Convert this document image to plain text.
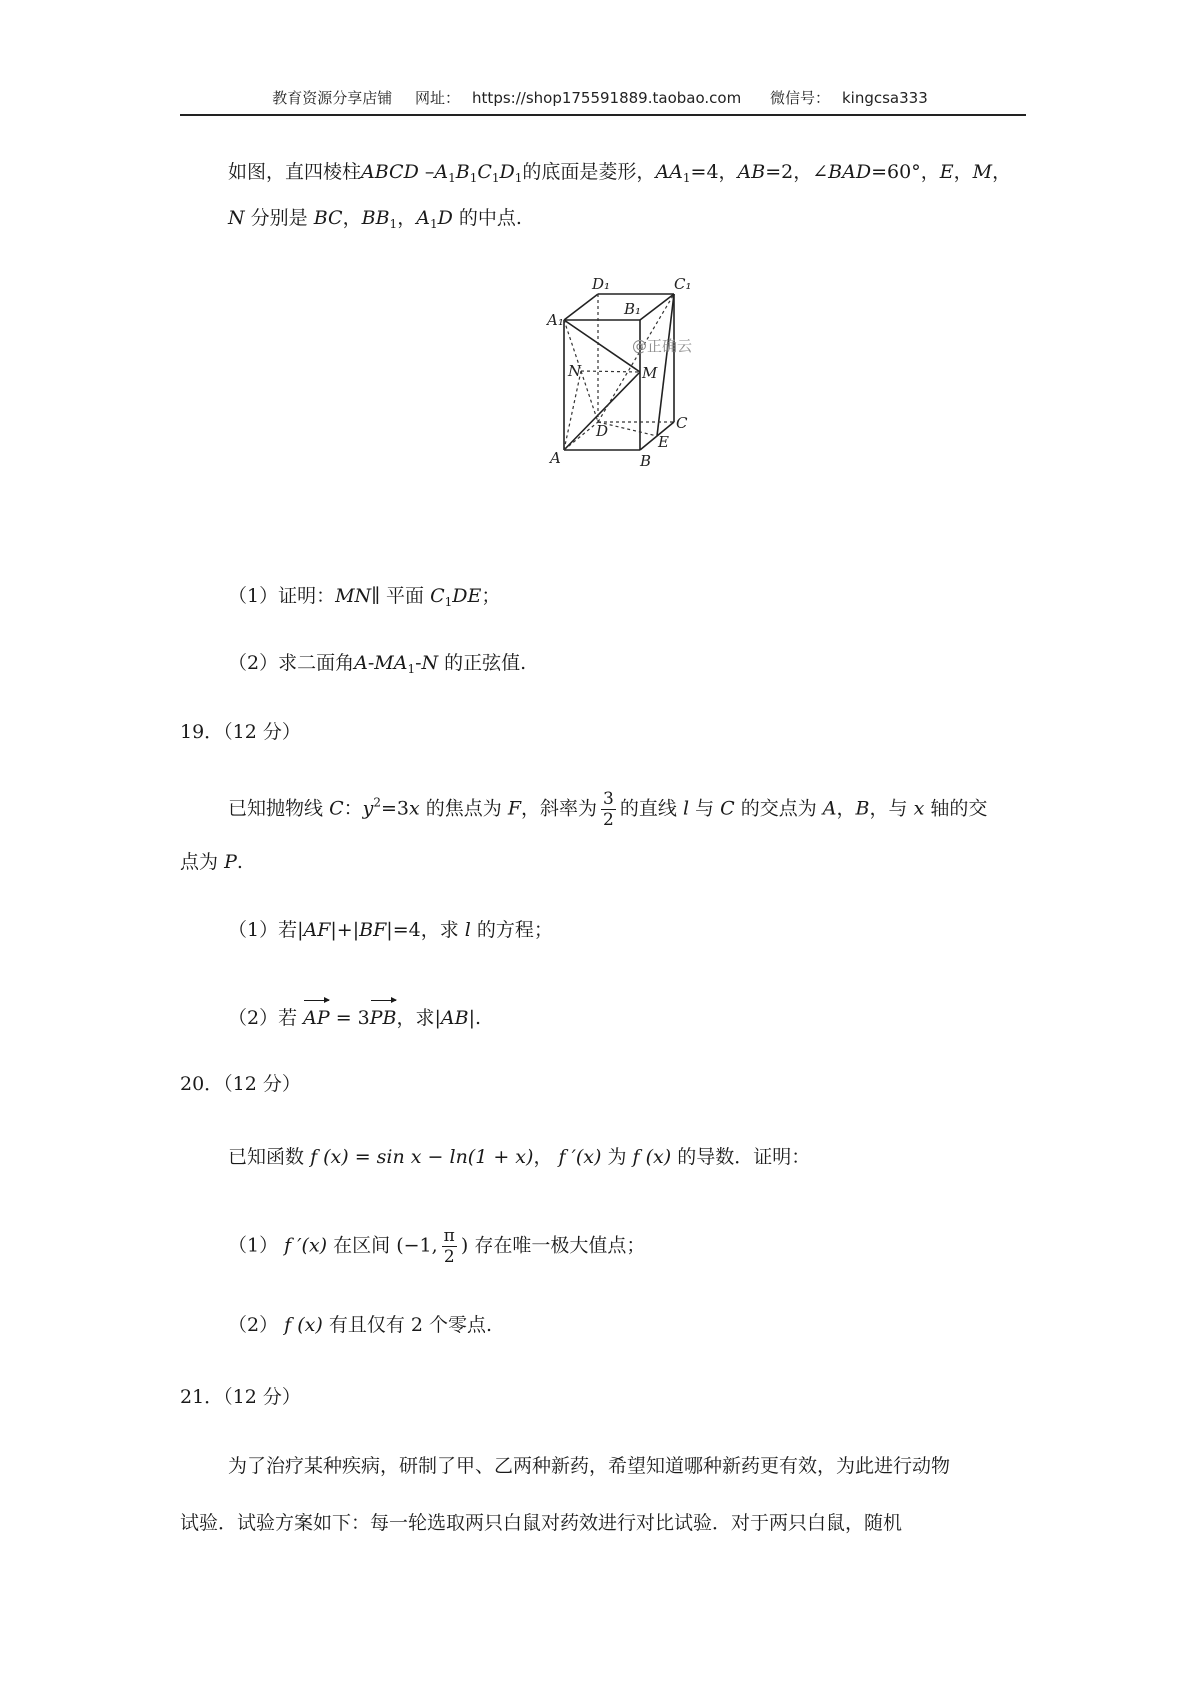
教育资源分享店铺 网址： https://shop175591889.taobao.com 微信号： kingcsa333
如图，直四棱柱ABCD $-A_1B_1C_1D_1$的底面是菱形，$AA_1=4$，AB=2，∠BAD=60°，E，M，
N 分别是 BC，$BB_1$，$A_1D$ 的中点.
A₁
D₁	C₁
B₁
N	M
C
D
E
A	B
@正确云
（1）证明：MN∥ 平面 $C_1DE$；
（2）求二面角$A-MA_1-N$ 的正弦值.
19．（12 分）
已知抛物线 C：$y^2=3x$ 的焦点为 F，斜率为 $\frac{3}{2}$ 的直线 l 与 C 的交点为 A，B，与 x 轴的交
点为 P.
（1）若|AF|+|BF|=4，求 l 的方程；
（2）若 AP = 3PB，求|AB|.
20．（12 分）
已知函数 f (x) = sin x − ln(1 + x)， f ′(x) 为 f (x) 的导数．证明：
（1） f ′(x) 在区间 (−1, $\frac{\pi}{2}$ ) 存在唯一极大值点；
（2） f (x) 有且仅有 2 个零点.
21．（12 分）
为了治疗某种疾病，研制了甲、乙两种新药，希望知道哪种新药更有效，为此进行动物
试验．试验方案如下：每一轮选取两只白鼠对药效进行对比试验．对于两只白鼠，随机
